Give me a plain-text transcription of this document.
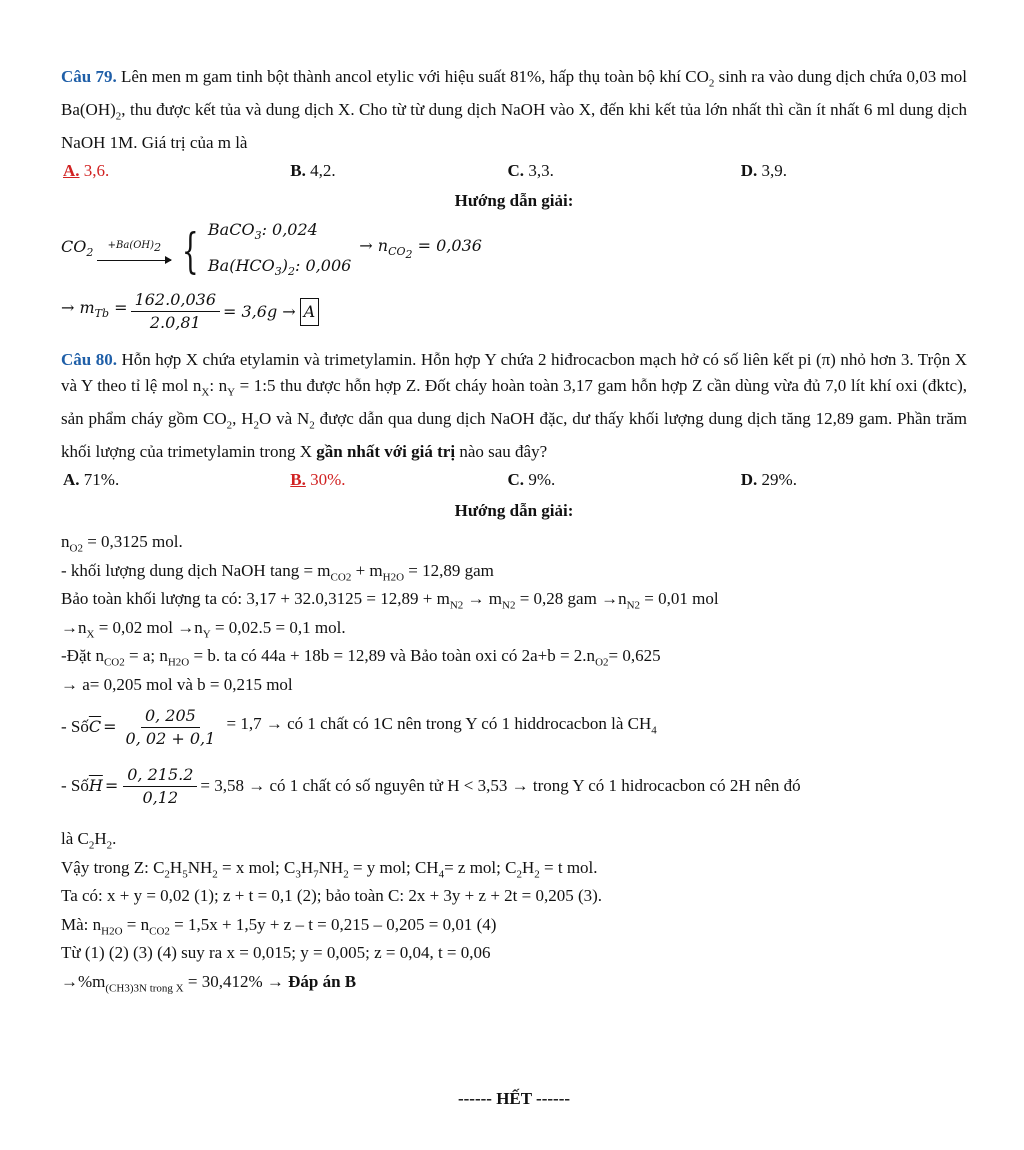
Câu 79. Lên men m gam tinh bột thành ancol etylic với hiệu suất 81%, hấp thụ toàn bộ khí $CO_2$ sinh ra vào dung dịch chứa 0,03 mol $Ba(OH)_2$, thu được kết tủa và dung dịch X. Cho từ từ dung dịch NaOH vào X, đến khi kết tủa lớn nhất thì cần ít nhất 6 ml dung dịch NaOH 1M. Giá trị của m là

A. 3,6.	B. 4,2.	C. 3,3.	D. 3,9.
Hướng dẫn giải:
$CO_2$
$+Ba(OH)_2$ { BaCO$_3$: 0,024
$Ba(HCO_3)_2$: 0,006
→ $n_{CO_2} = 0,036$
→ $m_{Tb} = \frac{162.0,036}{2.0,81} = 3,6g \to A$

Câu 80. Hỗn hợp X chứa etylamin và trimetylamin. Hỗn hợp Y chứa 2 hiđrocacbon mạch hở có số liên kết pi (π) nhỏ hơn 3. Trộn X và Y theo tỉ lệ mol $n_X$: $n_Y$ = 1:5 thu được hỗn hợp Z. Đốt cháy hoàn toàn 3,17 gam hỗn hợp Z cần dùng vừa đủ 7,0 lít khí oxi (đktc), sản phẩm cháy gồm $CO_2$, $H_2O$ và $N_2$ được dẫn qua dung dịch NaOH đặc, dư thấy khối lượng dung dịch tăng 12,89 gam. Phần trăm khối lượng của trimetylamin trong X gần nhất với giá trị nào sau đây?

A. 71%.	B. 30%.	C. 9%.	D. 29%.
Hướng dẫn giải:
$n_{O2} = 0,3125$ mol.
- khối lượng dung dịch NaOH $\tan g = m_{CO2} + m_{H2O} = 12,89$ gam
Bảo toàn khối lượng ta có: $3,17 + 32.0,3125 = 12,89 + m_{N2} \to m_{N2} = 0,28$ gam $\to n_{N2} = 0,01$ mol
$\to n_X = 0,02$ mol $\to n_Y = 0,02.5 = 0,1$ mol.
-Đặt $n_{CO2} = a$; $n_{H2O} = b$. ta có 44a + 18b = 12,89 và Bảo toàn oxi có $2a+b = 2.n_{O2}= 0,625$
→ a= 0,205 mol và b = 0,215 mol
- Số $\overline{C} = \frac{0, 205}{0, 02 + 0,1} = 1,7$ → có 1 chất có 1C nên trong Y có 1 hiddrocacbon là $CH_4$
- Số $\overline{H} = \frac{0, 215.2}{0,12} = 3,58$ → có 1 chất có số nguyên tử H < 3,53 → trong Y có 1 hidrocacbon có 2H nên đó
là $C_2H_2$.
Vậy trong Z: $C_2H_5NH_2 = x$ mol; $C_3H_7NH_2 = y$ mol; $CH_4= z$ mol; $C_2H_2 = t$ mol.
Ta có: x + y = 0,02 (1); z + t = 0,1 (2); bảo toàn C: 2x + 3y + z + 2t = 0,205 (3).
Mà: $n_{H2O} = n_{CO2} = 1,5x + 1,5y + z - t = 0,215 - 0,205 = 0,01$ (4)
Từ (1) (2) (3) (4) suy ra x = 0,015; y = 0,005; z = 0,04, t = 0,06
$\to\%m_{(CH3)3N trong X} = 30,412\%$ → Đáp án B
------ HẾT ------
